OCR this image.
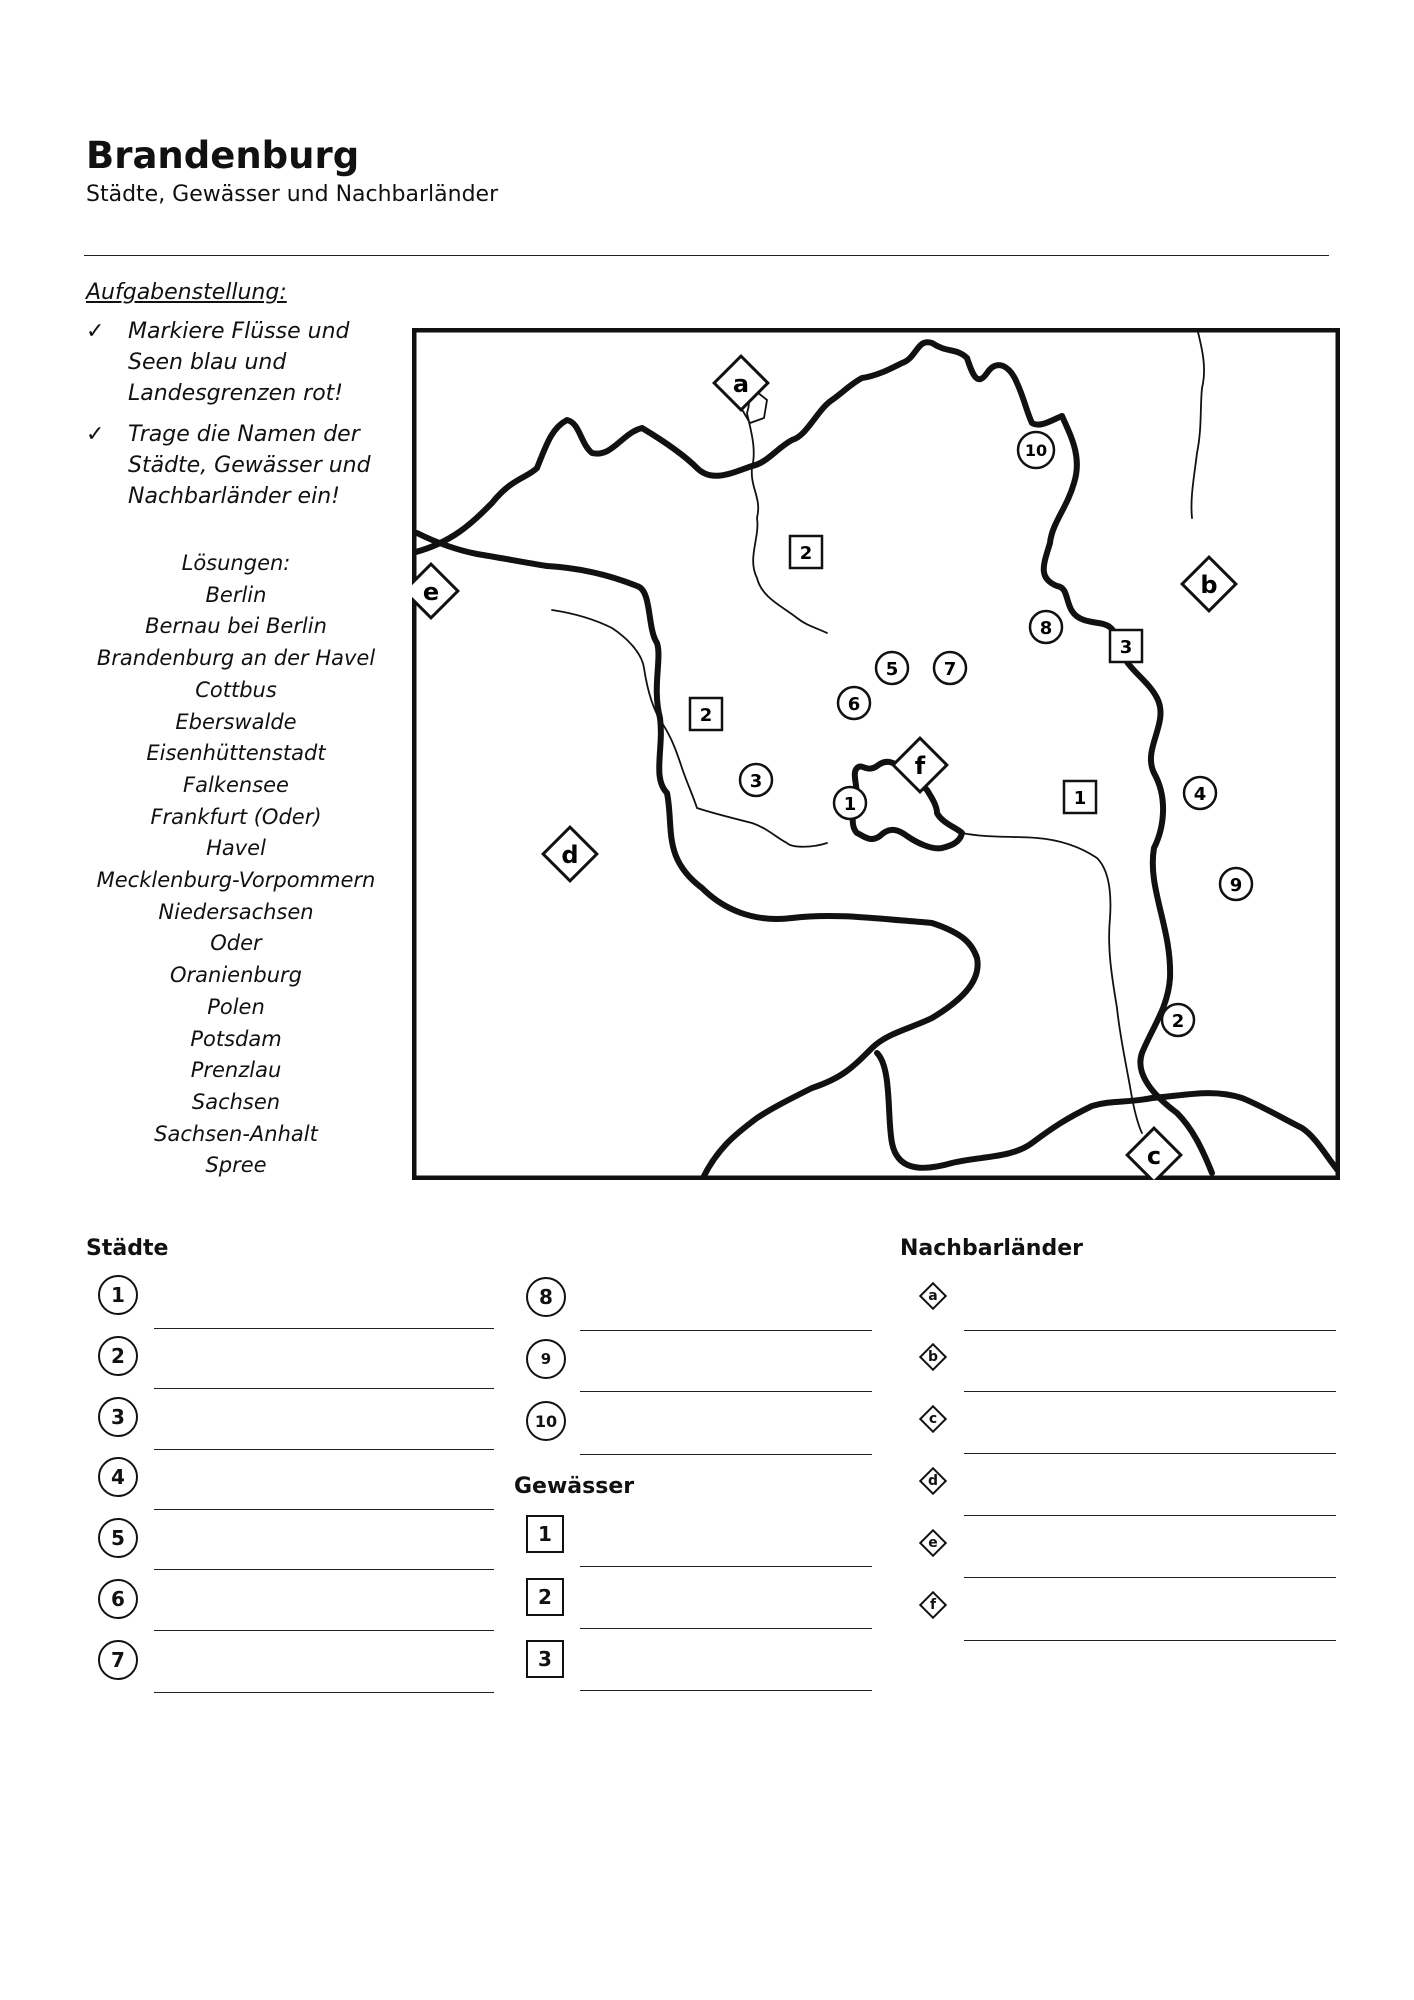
Brandenburg
Städte, Gewässer und Nachbarländer
Aufgabenstellung:
✓ Markiere Flüsse und Seen blau und Landesgrenzen rot!
✓ Trage die Namen der Städte, Gewässer und Nachbarländer ein!
Lösungen:
Berlin
Bernau bei Berlin
Brandenburg an der Havel
Cottbus
Eberswalde
Eisenhüttenstadt
Falkensee
Frankfurt (Oder)
Havel
Mecklenburg-Vorpommern
Niedersachsen
Oder
Oranienburg
Polen
Potsdam
Prenzlau
Sachsen
Sachsen-Anhalt
Spree
1
2
3
4
5
6
7
8
9
10
1
2
2
3
a
b
c
d
e
f
Städte
1
2
3
4
5
6
7
8
9
10
Gewässer
1
2
3
Nachbarländer
a
b
c
d
e
f
